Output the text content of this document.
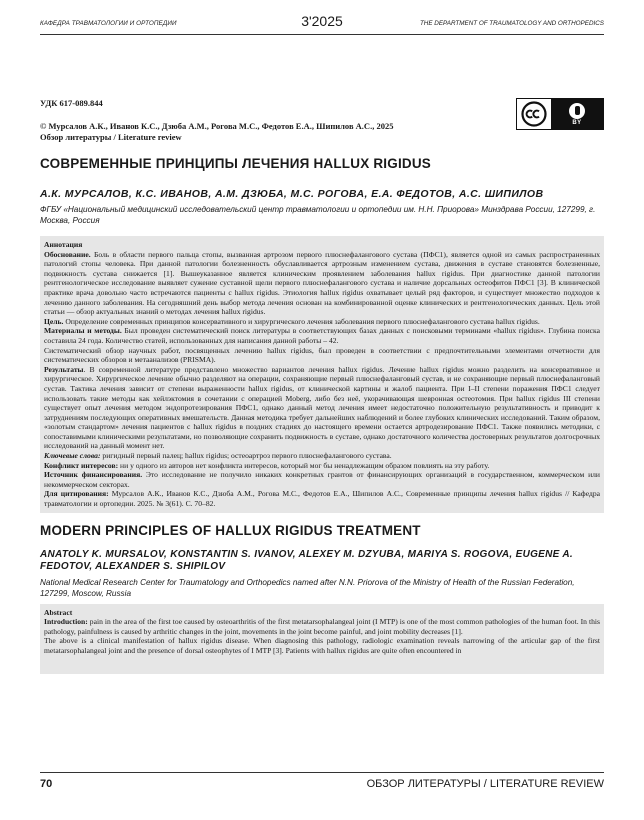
КАФЕДРА ТРАВМАТОЛОГИИ И ОРТОПЕДИИ	3'2025	THE DEPARTMENT OF TRAUMATOLOGY AND ORTHOPEDICS
BY
УДК 617-089.844
© Мурсалов А.К., Иванов К.С., Дзюба А.М., Рогова М.С., Федотов Е.А., Шипилов А.С., 2025
Обзор литературы / Literature review
СОВРЕМЕННЫЕ ПРИНЦИПЫ ЛЕЧЕНИЯ HALLUX RIGIDUS
А.К. МУРСАЛОВ, К.С. ИВАНОВ, А.М. ДЗЮБА, М.С. РОГОВА, Е.А. ФЕДОТОВ, А.С. ШИПИЛОВ
ФГБУ «Национальный медицинский исследовательский центр травматологии и ортопедии им. Н.Н. Приорова» Минздрава России, 127299, г. Москва, Россия

Аннотация

Обоснование. Боль в области первого пальца стопы, вызванная артрозом первого плюснефалангового сустава (ПФС1), является одной из самых распространенных патологий стопы человека. При данной патологии болезненность обуславливается артрозным изменением сустава, движения в суставе становятся болезненные, подвижность сустава снижается [1]. Вышеуказанное является клиническим проявлением заболевания hallux rigidus. При диагностике данной патологии рентгенологическое исследование выявляет сужение суставной щели первого плюснефалангового сустава и наличие дорсальных остеофитов ПФС1 [3]. В клинической практике врача довольно часто встречаются пациенты с hallux rigidus. Этиология hallux rigidus охватывает целый ряд факторов, и существует множество подходов к лечению данного заболевания. На сегодняшний день выбор метода лечения основан на комбинированной оценке клинических и рентгенологических данных. Цель этой статьи — обзор актуальных знаний о методах лечения hallux rigidus.

Цель. Определение современных принципов консервативного и хирургического лечения заболевания первого плюснефалангового сустава hallux rigidus.

Материалы и методы. Был проведен систематический поиск литературы в соответствующих базах данных с поисковыми терминами «hallux rigidus». Глубина поиска составила 24 года. Количество статей, использованных для написания данной работы – 42.

Систематический обзор научных работ, посвященных лечению hallux rigidus, был проведен в соответствии с предпочтительными элементами отчетности для систематических обзоров и метаанализов (PRISMA).

Результаты. В современной литературе представлено множество вариантов лечения hallux rigidus. Лечение hallux rigidus можно разделить на консервативное и хирургическое. Хирургическое лечение обычно разделяют на операции, сохраняющие первый плюснефаланговый сустав, и не сохраняющие первый плюснефаланговый сустав. Тактика лечения зависит от степени выраженности hallux rigidus, от клинической картины и жалоб пациента. При I–II степени поражения ПФС1 следует использовать такие методы как хейлэктомия в сочетании с операцией Moberg, либо без неё, укорачивающая шевронная остеотомия. При hallux rigidus III степени существует опыт лечения методом эндопротезирования ПФС1, однако данный метод лечения имеет недостаточно положительную результативность и приводит к затруднениям последующих оперативных вмешательств. Данная методика требует дальнейших наблюдений и более глубоких клинических исследований. Таким образом, «золотым стандартом» лечения пациентов с hallux rigidus в поздних стадиях до настоящего времени остается артродезирование ПФС1. Также появились методики, с сопоставимыми клиническими результатами, но позволяющие сохранить подвижность в суставе, однако достаточного количества достоверных результатов долгосрочных исследований на данный момент нет.

Ключевые слова: ригидный первый палец; hallux rigidus; остеоартроз первого плюснефалангового сустава.

Конфликт интересов: ни у одного из авторов нет конфликта интересов, который мог бы ненадлежащим образом повлиять на эту работу.

Источник финансирования. Это исследование не получило никаких конкретных грантов от финансирующих организаций в государственном, коммерческом или некоммерческом секторах.

Для цитирования: Мурсалов А.К., Иванов К.С., Дзюба А.М., Рогова М.С., Федотов Е.А., Шипилов А.С., Современные принципы лечения hallux rigidus // Кафедра травматологии и ортопедии. 2025. № 3(61). С. 70–82.

MODERN PRINCIPLES OF HALLUX RIGIDUS TREATMENT
ANATOLY K. MURSALOV, KONSTANTIN S. IVANOV, ALEXEY M. DZYUBA, MARIYA S. ROGOVA, EUGENE A. FEDOTOV, ALEXANDER S. SHIPILOV
National Medical Research Center for Traumatology and Orthopedics named after N.N. Priorova of the Ministry of Health of the Russian Federation, 127299, Moscow, Russia

Abstract

Introduction: pain in the area of the first toe caused by osteoarthritis of the first metatarsophalangeal joint (I MTP) is one of the most common pathologies of the human foot. In this pathology, painfulness is caused by arthritic changes in the joint, movements in the joint become painful, and joint mobility decreases [1].

The above is a clinical manifestation of hallux rigidus disease. When diagnosing this pathology, radiologic examination reveals narrowing of the articular gap of the first metatarsophalangeal joint and the presence of dorsal osteophytes of I MTP [3]. Patients with hallux rigidus are quite often encountered in

70	ОБЗОР ЛИТЕРАТУРЫ / LITERATURE REVIEW
